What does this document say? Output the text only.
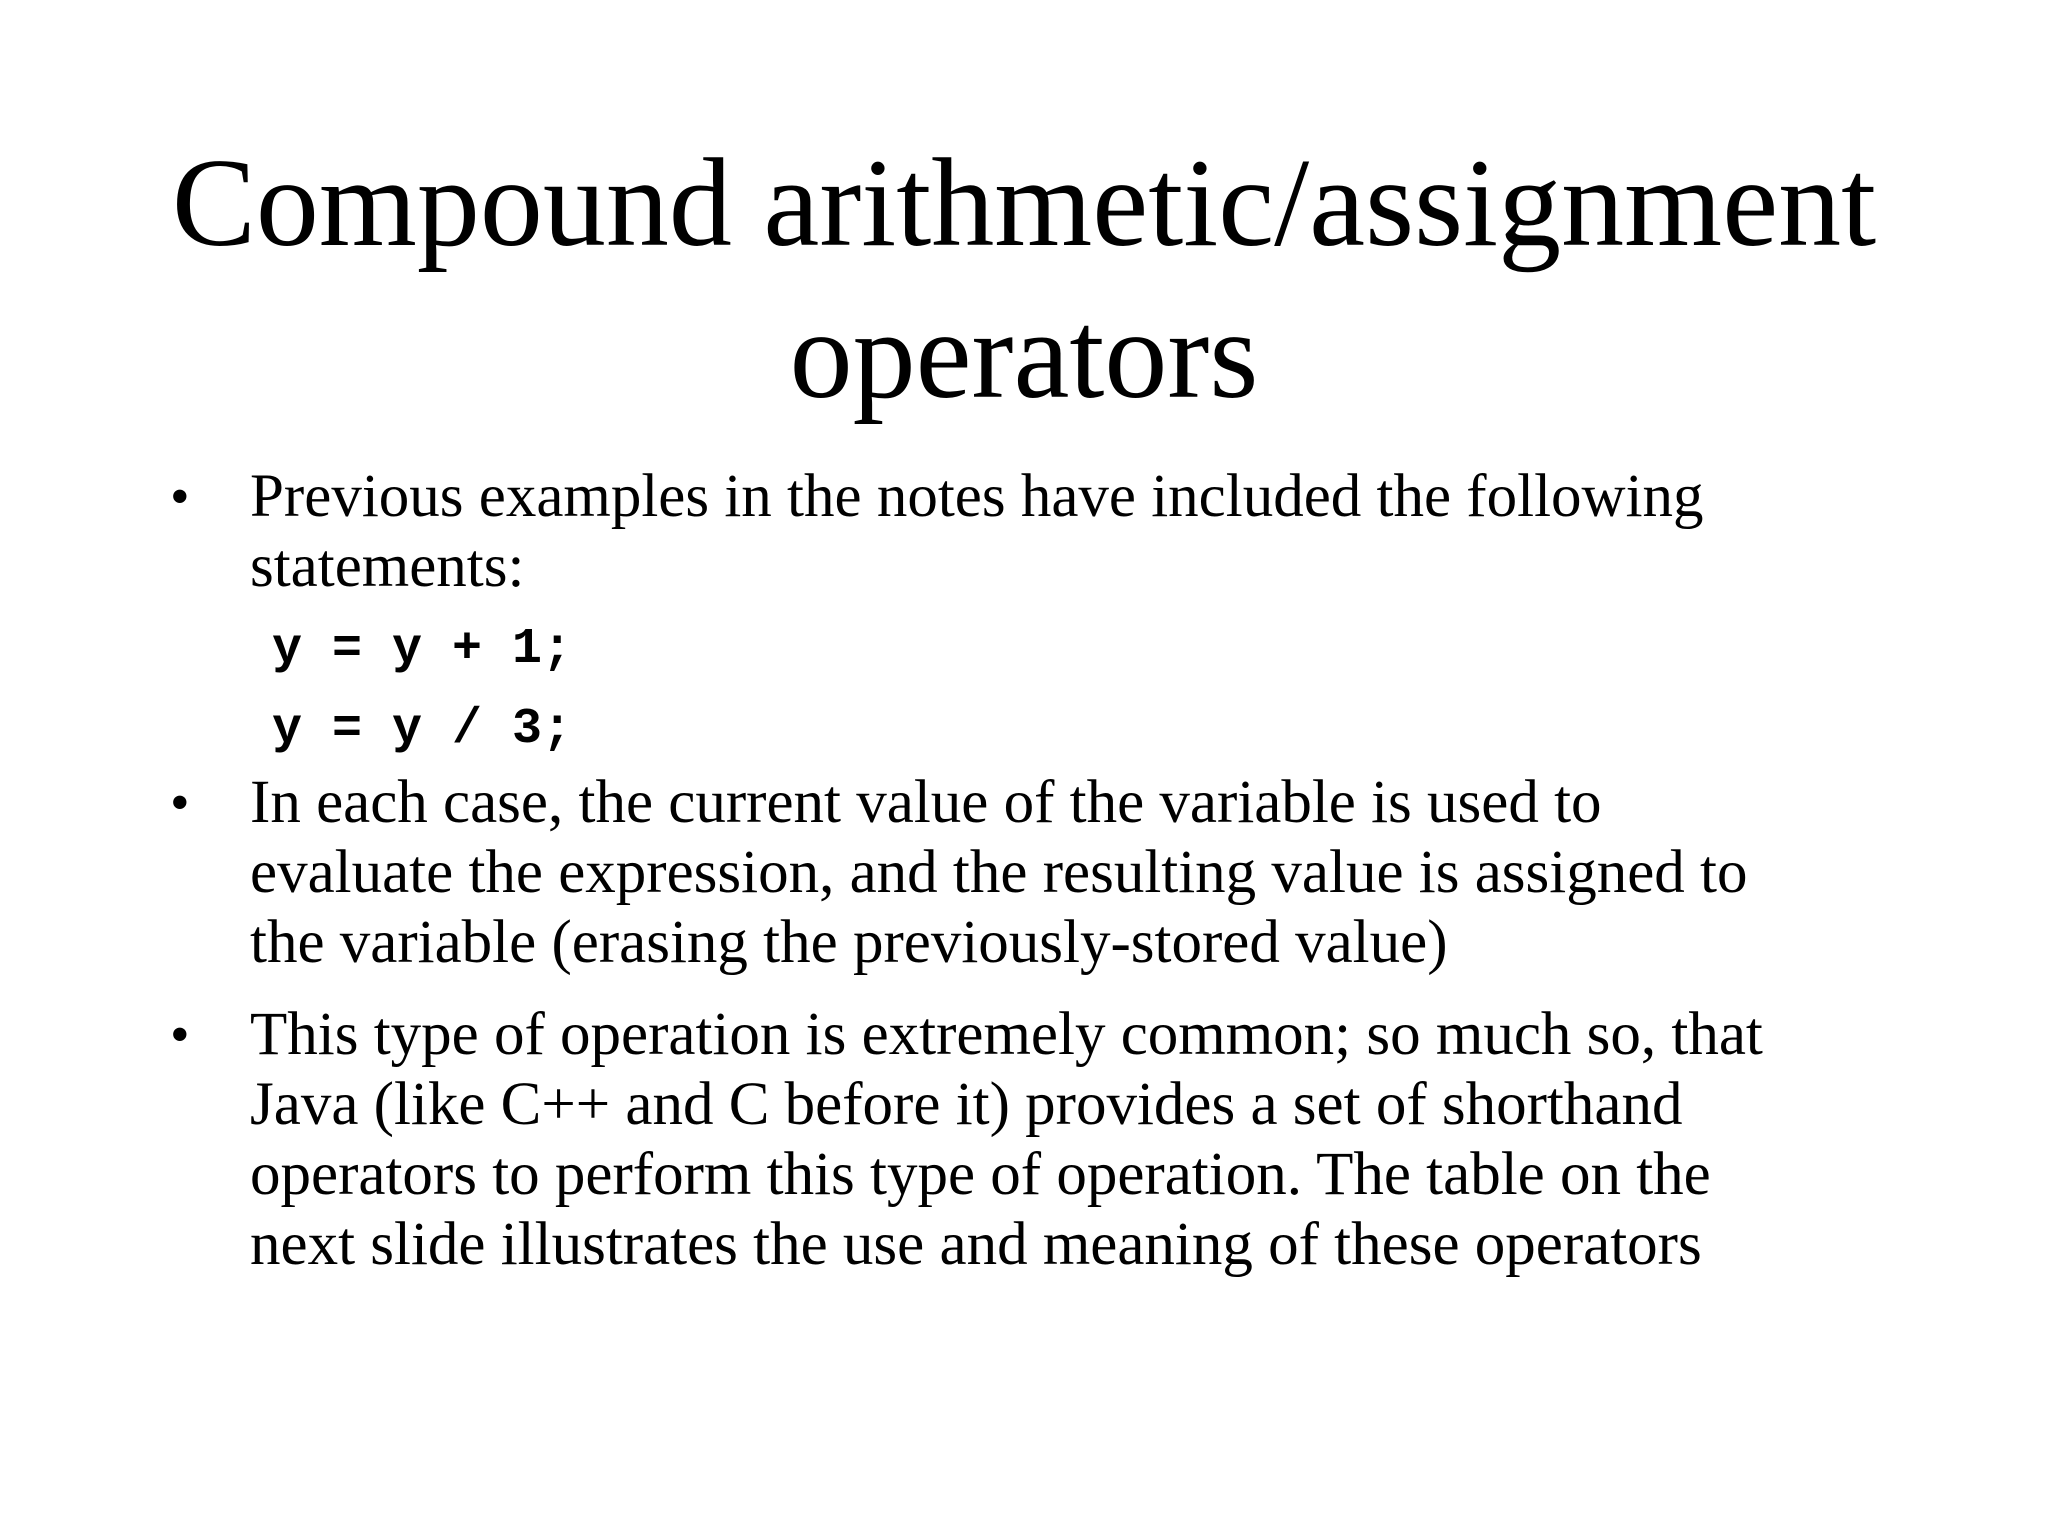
Compound arithmetic/assignment
operators
• Previous examples in the notes have included the following
statements:
y = y + 1;
y = y / 3;
• In each case, the current value of the variable is used to
evaluate the expression, and the resulting value is assigned to
the variable (erasing the previously-stored value)
• This type of operation is extremely common; so much so, that
Java (like C++ and C before it) provides a set of shorthand
operators to perform this type of operation. The table on the
next slide illustrates the use and meaning of these operators
